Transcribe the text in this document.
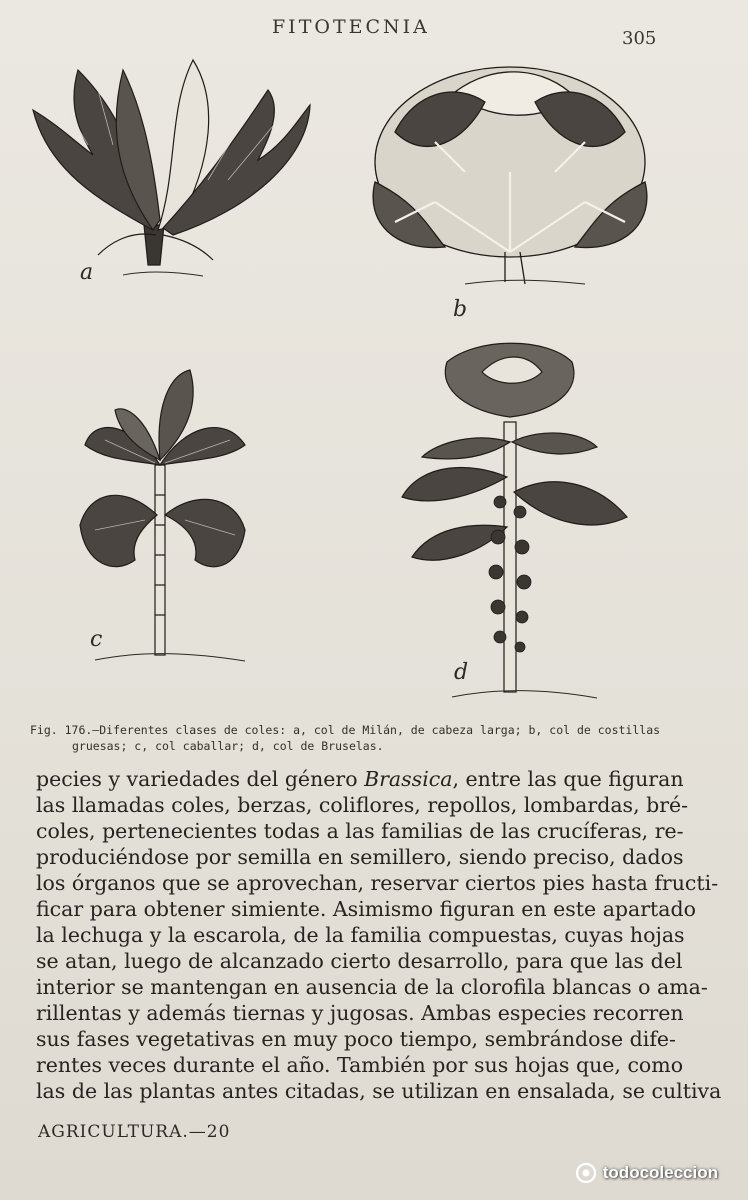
FITOTECNIA
305
a
b
c
d
Fig. 176.—Diferentes clases de coles: a, col de Milán, de cabeza larga; b, col de costillas
gruesas; c, col caballar; d, col de Bruselas.
pecies y variedades del género Brassica, entre las que figuran
las llamadas coles, berzas, coliflores, repollos, lombardas, bré-
coles, pertenecientes todas a las familias de las crucíferas, re-
produciéndose por semilla en semillero, siendo preciso, dados
los órganos que se aprovechan, reservar ciertos pies hasta fructi-
ficar para obtener simiente. Asimismo figuran en este apartado
la lechuga y la escarola, de la familia compuestas, cuyas hojas
se atan, luego de alcanzado cierto desarrollo, para que las del
interior se mantengan en ausencia de la clorofila blancas o ama-
rillentas y además tiernas y jugosas. Ambas especies recorren
sus fases vegetativas en muy poco tiempo, sembrándose dife-
rentes veces durante el año. También por sus hojas que, como
las de las plantas antes citadas, se utilizan en ensalada, se cultiva
AGRICULTURA.—20
todocoleccion
